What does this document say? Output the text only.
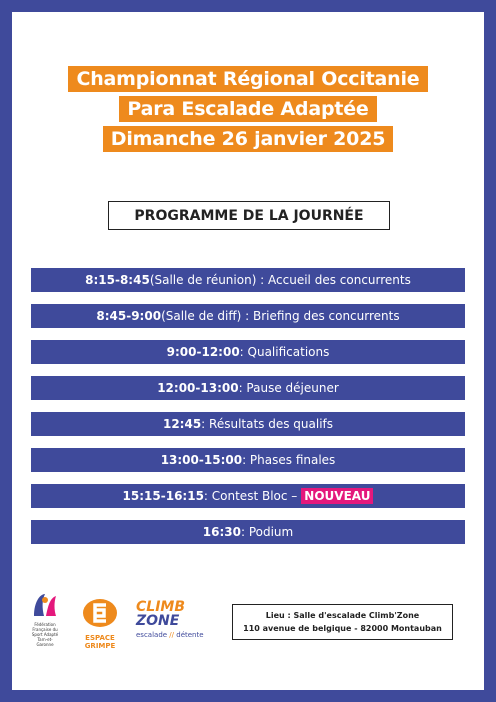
Championnat Régional Occitanie
Para Escalade Adaptée
Dimanche 26 janvier 2025
PROGRAMME DE LA JOURNÉE
8:15-8:45 (Salle de réunion) : Accueil des concurrents
8:45-9:00 (Salle de diff) : Briefing des concurrents
9:00-12:00 : Qualifications
12:00-13:00 : Pause déjeuner
12:45 : Résultats des qualifs
13:00-15:00 : Phases finales
15:15-16:15 : Contest Bloc – NOUVEAU
16:30 : Podium
Fédération Française du Sport Adapté
Tarn-et-Garonne
ESPACE GRIMPE
CLIMB
ZONE
escalade // détente
Lieu : Salle d'escalade Climb'Zone
110 avenue de belgique - 82000 Montauban
